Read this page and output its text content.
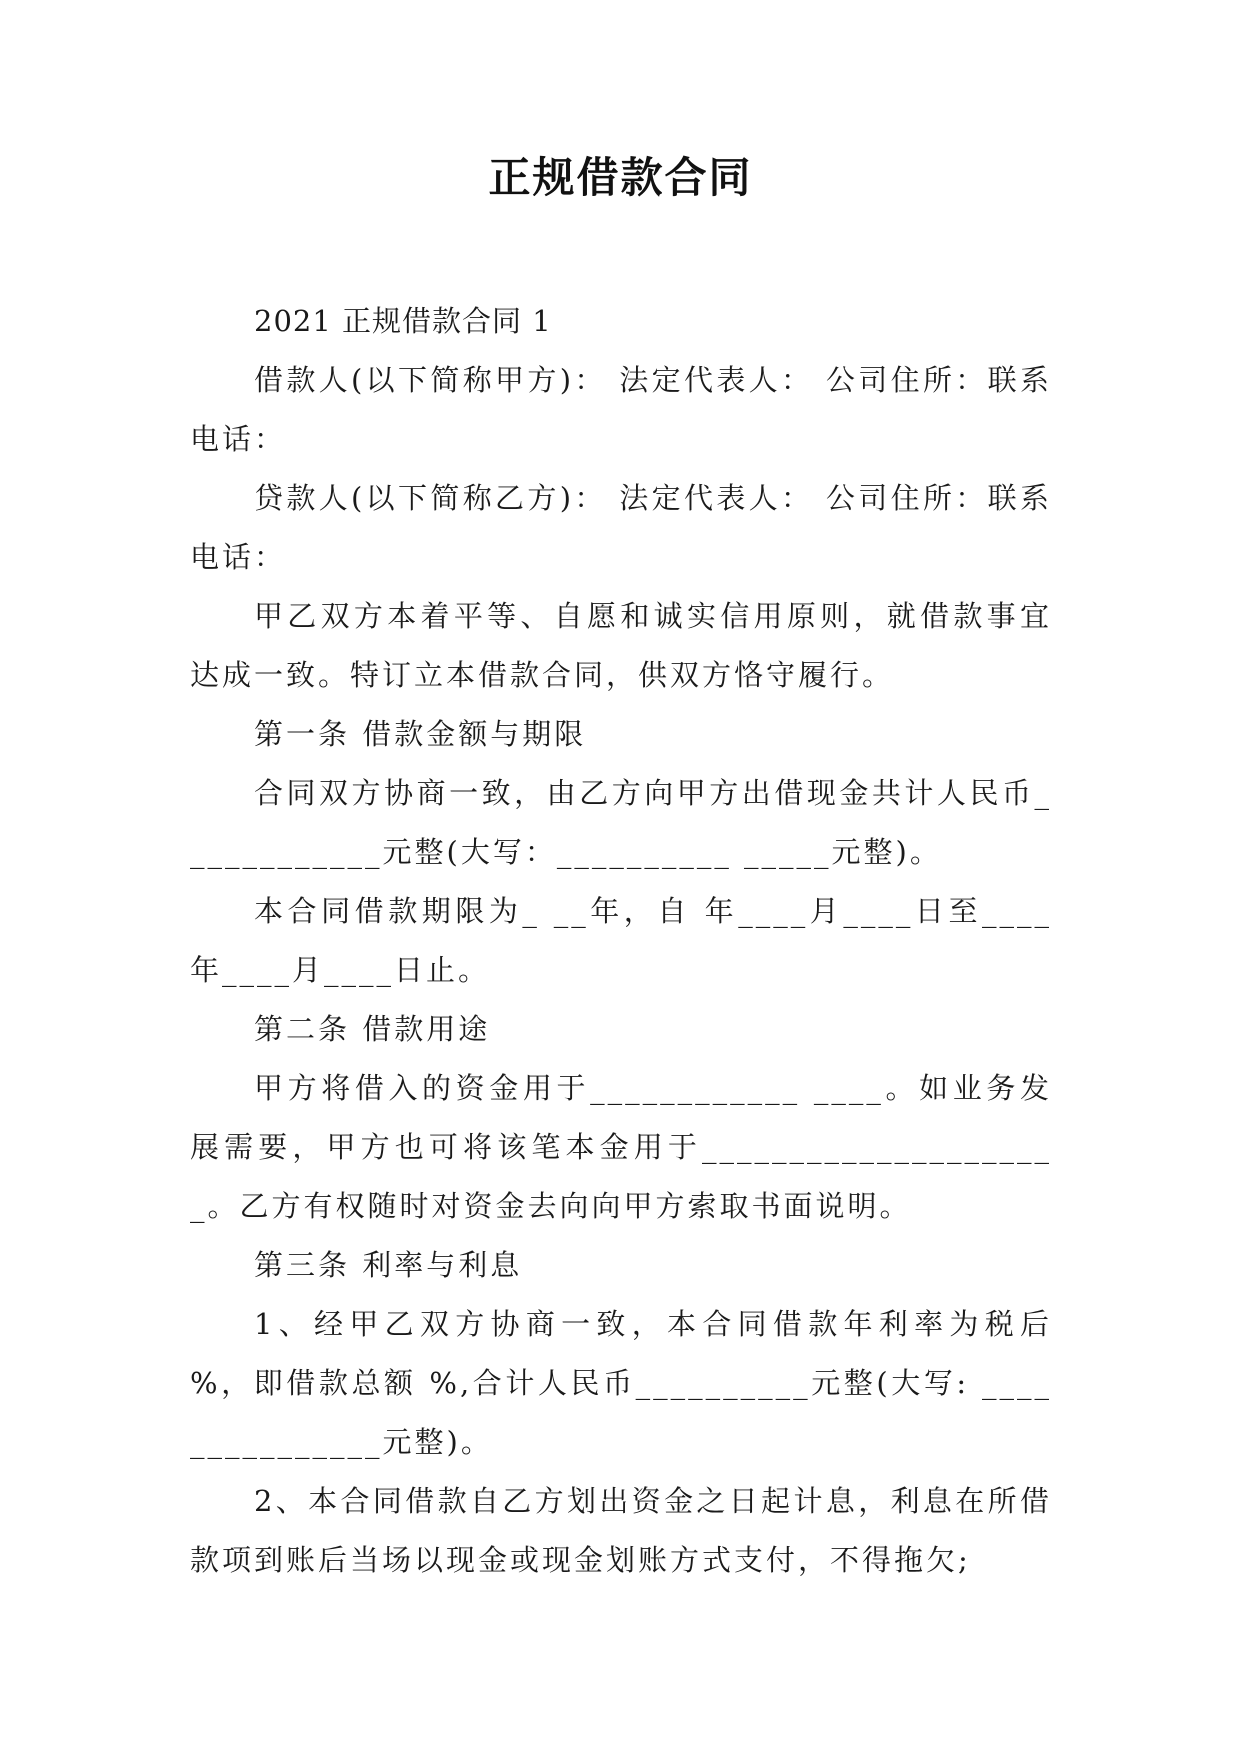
正规借款合同

2021 正规借款合同 1

借款人(以下简称甲方)： 法定代表人： 公司住所：联系电话：

贷款人(以下简称乙方)： 法定代表人： 公司住所：联系电话：

甲乙双方本着平等、自愿和诚实信用原则，就借款事宜达成一致。特订立本借款合同，供双方恪守履行。

第一条 借款金额与期限

合同双方协商一致，由乙方向甲方出借现金共计人民币____________元整(大写：__________ _____元整)。

本合同借款期限为_ __年，自 年____月____日至____年____月____日止。

第二条 借款用途

甲方将借入的资金用于____________ ____。如业务发展需要，甲方也可将该笔本金用于_____________________。乙方有权随时对资金去向向甲方索取书面说明。

第三条 利率与利息

1、经甲乙双方协商一致，本合同借款年利率为税后 %，即借款总额 %,合计人民币__________元整(大写: _______________元整)。

2、本合同借款自乙方划出资金之日起计息，利息在所借款项到账后当场以现金或现金划账方式支付，不得拖欠;
